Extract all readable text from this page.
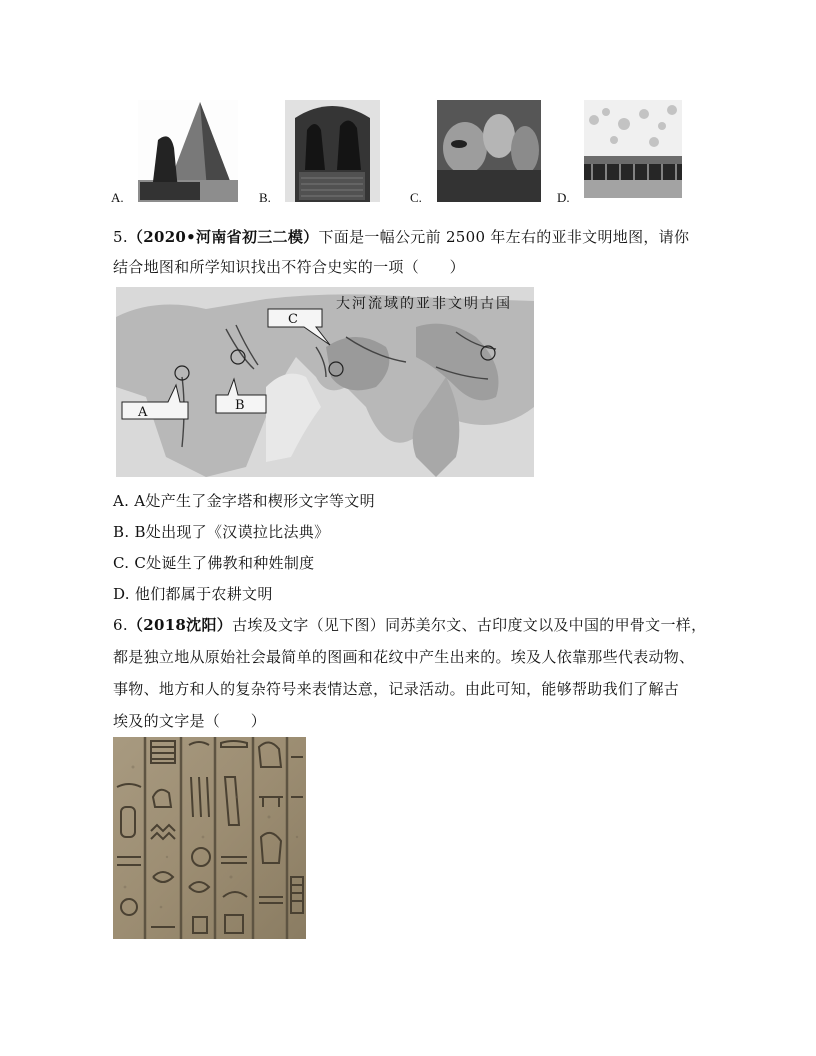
A.	B.	C.	D.
5.（2020•河南省初三二模）下面是一幅公元前 2500 年左右的亚非文明地图，请你
结合地图和所学知识找出不符合史实的一项（　　）
大河流域的亚非文明古国
A	B
C
A. A处产生了金字塔和楔形文字等文明
B. B处出现了《汉谟拉比法典》
C. C处诞生了佛教和种姓制度
D. 他们都属于农耕文明
6.（2018沈阳）古埃及文字（见下图）同苏美尔文、古印度文以及中国的甲骨文一样，
都是独立地从原始社会最简单的图画和花纹中产生出来的。埃及人依靠那些代表动物、
事物、地方和人的复杂符号来表情达意，记录活动。由此可知，能够帮助我们了解古
埃及的文字是（　　）
